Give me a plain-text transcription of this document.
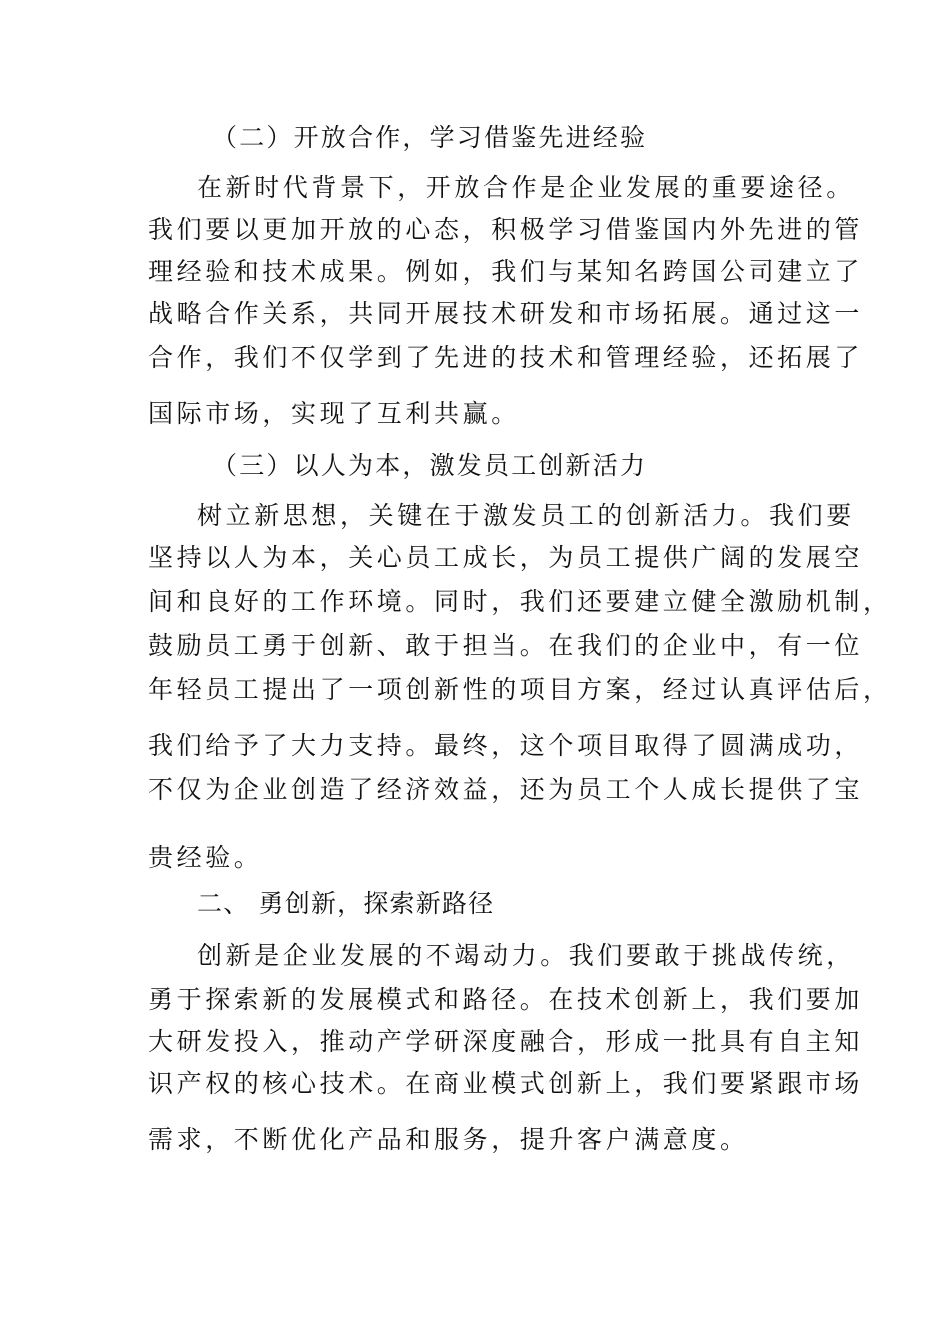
（二）开放合作，学习借鉴先进经验
在新时代背景下，开放合作是企业发展的重要途径。
我们要以更加开放的心态，积极学习借鉴国内外先进的管
理经验和技术成果。例如，我们与某知名跨国公司建立了
战略合作关系，共同开展技术研发和市场拓展。通过这一
合作，我们不仅学到了先进的技术和管理经验，还拓展了
国际市场，实现了互利共赢。
（三）以人为本，激发员工创新活力
树立新思想，关键在于激发员工的创新活力。我们要
坚持以人为本，关心员工成长，为员工提供广阔的发展空
间和良好的工作环境。同时，我们还要建立健全激励机制，
鼓励员工勇于创新、敢于担当。在我们的企业中，有一位
年轻员工提出了一项创新性的项目方案，经过认真评估后，
我们给予了大力支持。最终，这个项目取得了圆满成功，
不仅为企业创造了经济效益，还为员工个人成长提供了宝
贵经验。
二、 勇创新，探索新路径
创新是企业发展的不竭动力。我们要敢于挑战传统，
勇于探索新的发展模式和路径。在技术创新上，我们要加
大研发投入，推动产学研深度融合，形成一批具有自主知
识产权的核心技术。在商业模式创新上，我们要紧跟市场
需求，不断优化产品和服务，提升客户满意度。
